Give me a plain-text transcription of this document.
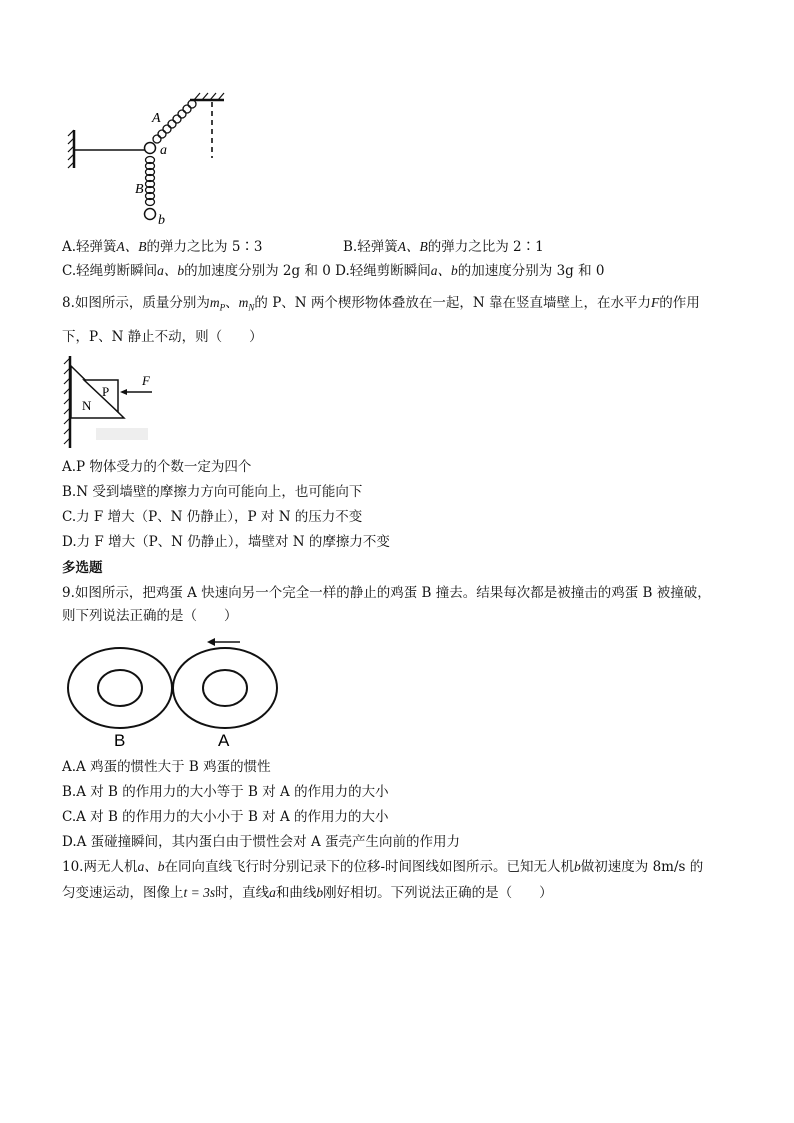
A
a
B
b
A.轻弹簧A、B的弹力之比为 5∶3	B.轻弹簧A、B的弹力之比为 2∶1
C.轻绳剪断瞬间a、b的加速度分别为 2g 和 0 D.轻绳剪断瞬间a、b的加速度分别为 3g 和 0
8.如图所示，质量分别为$m_P$、$m_N$的 P、N 两个楔形物体叠放在一起，N 靠在竖直墙壁上，在水平力F的作用
下，P、N 静止不动，则（　　）
P
N
F
A.P 物体受力的个数一定为四个
B.N 受到墙壁的摩擦力方向可能向上，也可能向下
C.力 F 增大（P、N 仍静止），P 对 N 的压力不变
D.力 F 增大（P、N 仍静止），墙壁对 N 的摩擦力不变
多选题
9.如图所示，把鸡蛋 A 快速向另一个完全一样的静止的鸡蛋 B 撞去。结果每次都是被撞击的鸡蛋 B 被撞破，
则下列说法正确的是（　　）
B	A
A.A 鸡蛋的惯性大于 B 鸡蛋的惯性
B.A 对 B 的作用力的大小等于 B 对 A 的作用力的大小
C.A 对 B 的作用力的大小小于 B 对 A 的作用力的大小
D.A 蛋碰撞瞬间，其内蛋白由于惯性会对 A 蛋壳产生向前的作用力
10.两无人机a、b在同向直线飞行时分别记录下的位移-时间图线如图所示。已知无人机b做初速度为 8m/s 的
匀变速运动，图像上t = 3s时，直线a和曲线b刚好相切。下列说法正确的是（　　）
